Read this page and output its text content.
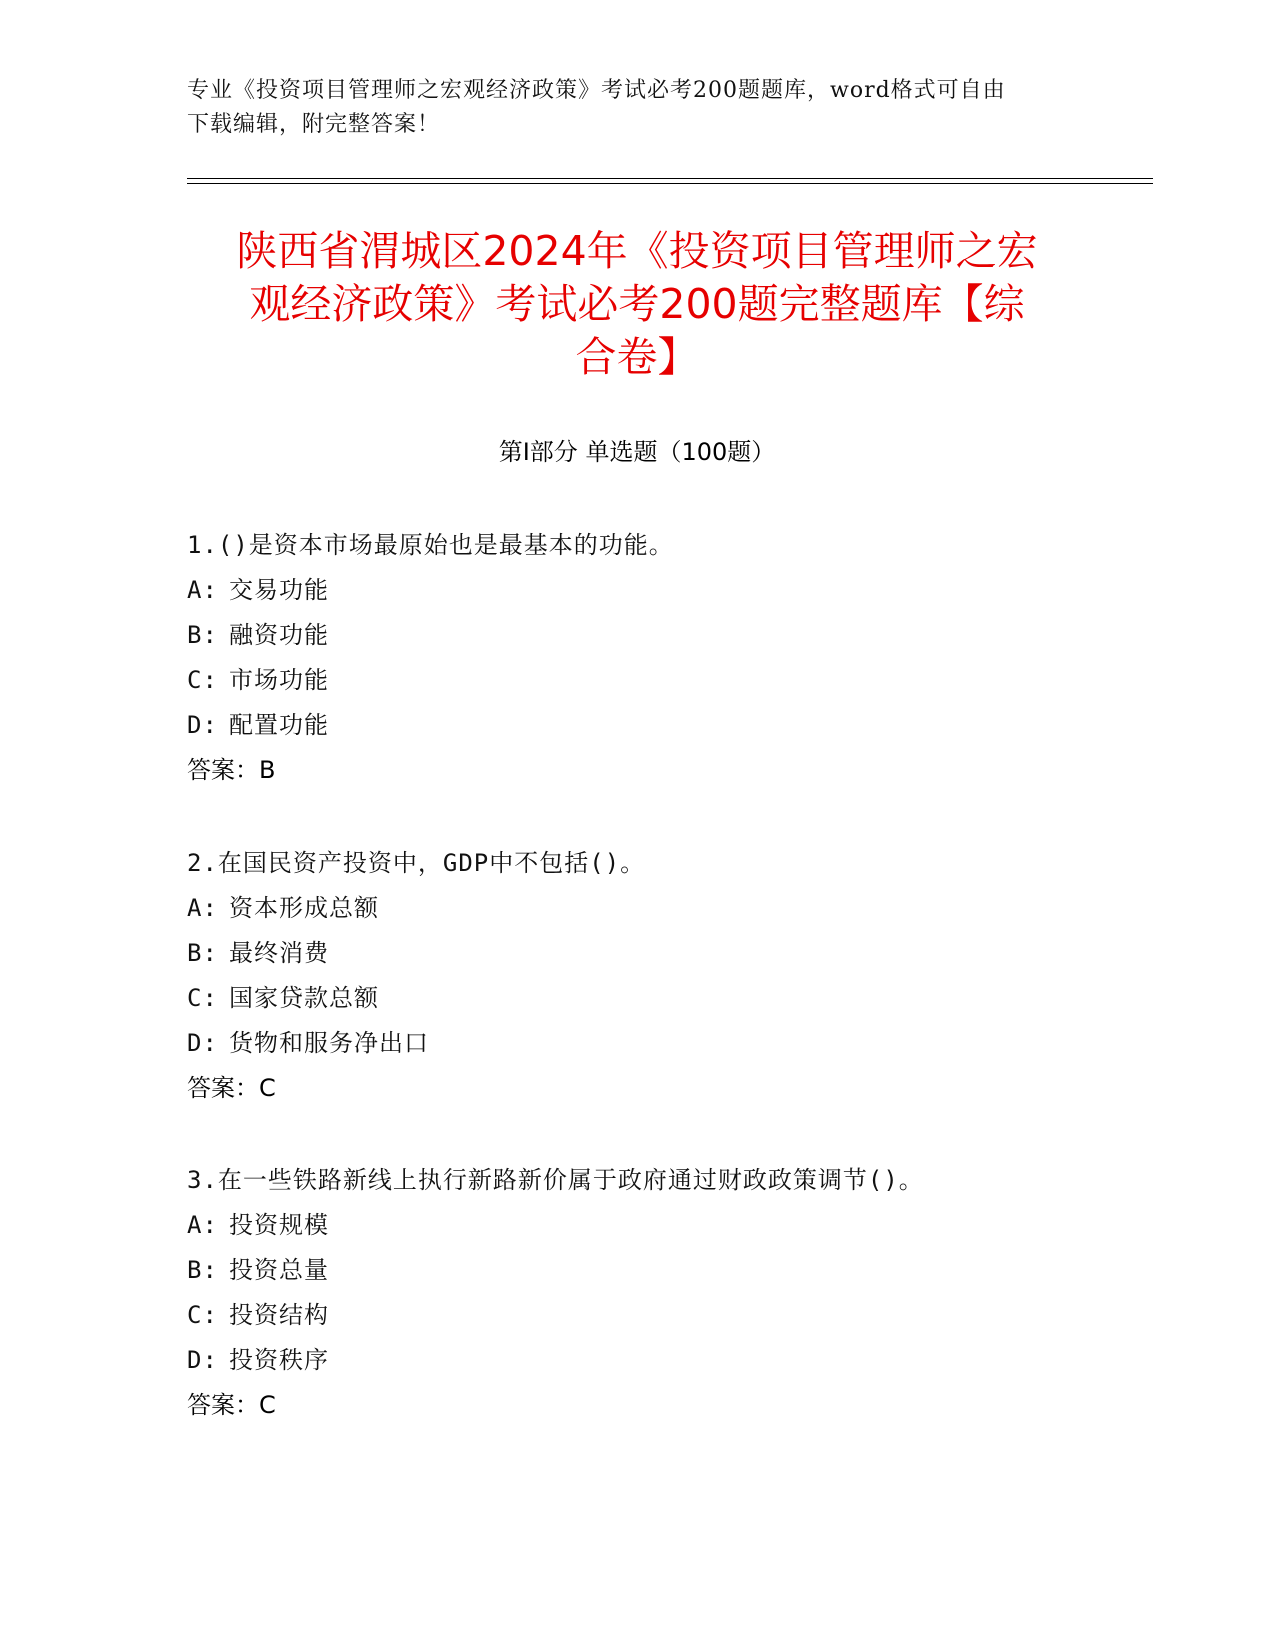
专业《投资项目管理师之宏观经济政策》考试必考200题题库，word格式可自由
下载编辑，附完整答案！
陕西省渭城区2024年《投资项目管理师之宏
观经济政策》考试必考200题完整题库【综
合卷】
第I部分 单选题（100题）
1.()是资本市场最原始也是最基本的功能。
A: 交易功能
B: 融资功能
C: 市场功能
D: 配置功能
答案：B
2.在国民资产投资中，GDP中不包括()。
A: 资本形成总额
B: 最终消费
C: 国家贷款总额
D: 货物和服务净出口
答案：C
3.在一些铁路新线上执行新路新价属于政府通过财政政策调节()。
A: 投资规模
B: 投资总量
C: 投资结构
D: 投资秩序
答案：C
